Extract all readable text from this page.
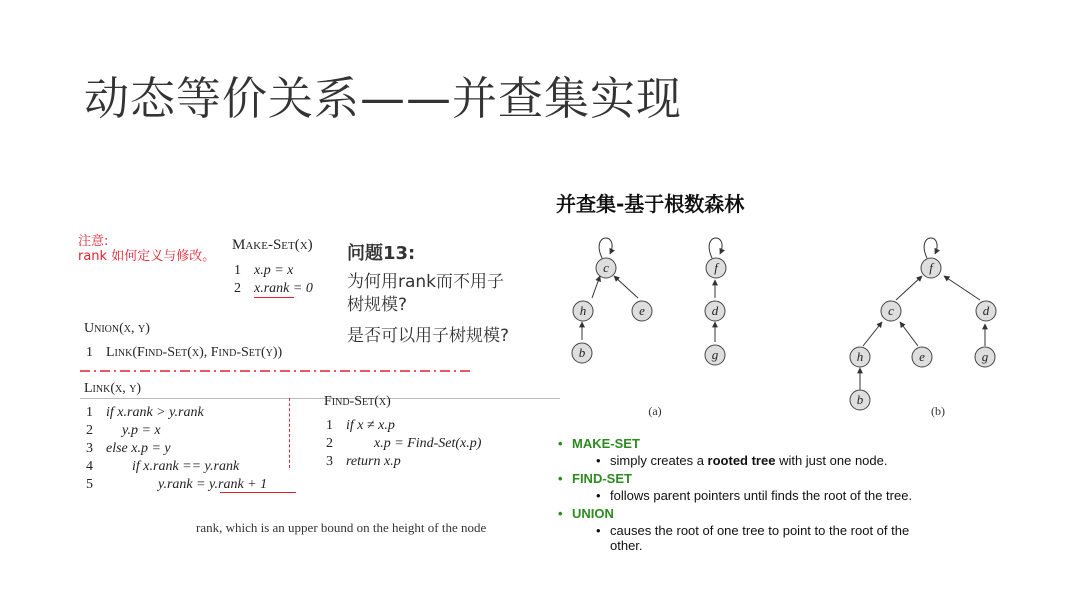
动态等价关系——并查集实现
注意:
rank 如何定义与修改。
Make-Set(x)
1 x.p = x
2 x.rank = 0
问题13:
为何用rank而不用子
树规模?
是否可以用子树规模?
Union(x, y)
1 Link(Find-Set(x), Find-Set(y))
Link(x, y)
1 if x.rank > y.rank
2 y.p = x
3 else x.p = y
4	if x.rank == y.rank
5	y.rank = y.rank + 1
Find-Set(x)
1 if x ≠ x.p
2	x.p = Find-Set(x.p)
3 return x.p
rank, which is an upper bound on the height of the node
并查集-基于根数森林
c
h	e
b
f
d
g
f
c	d
h	e	g
b
(a)	(b)
• MAKE-SET
• simply creates a rooted tree with just one node.
• FIND-SET
• follows parent pointers until finds the root of the tree.
• UNION
• causes the root of one tree to point to the root of the
other.
